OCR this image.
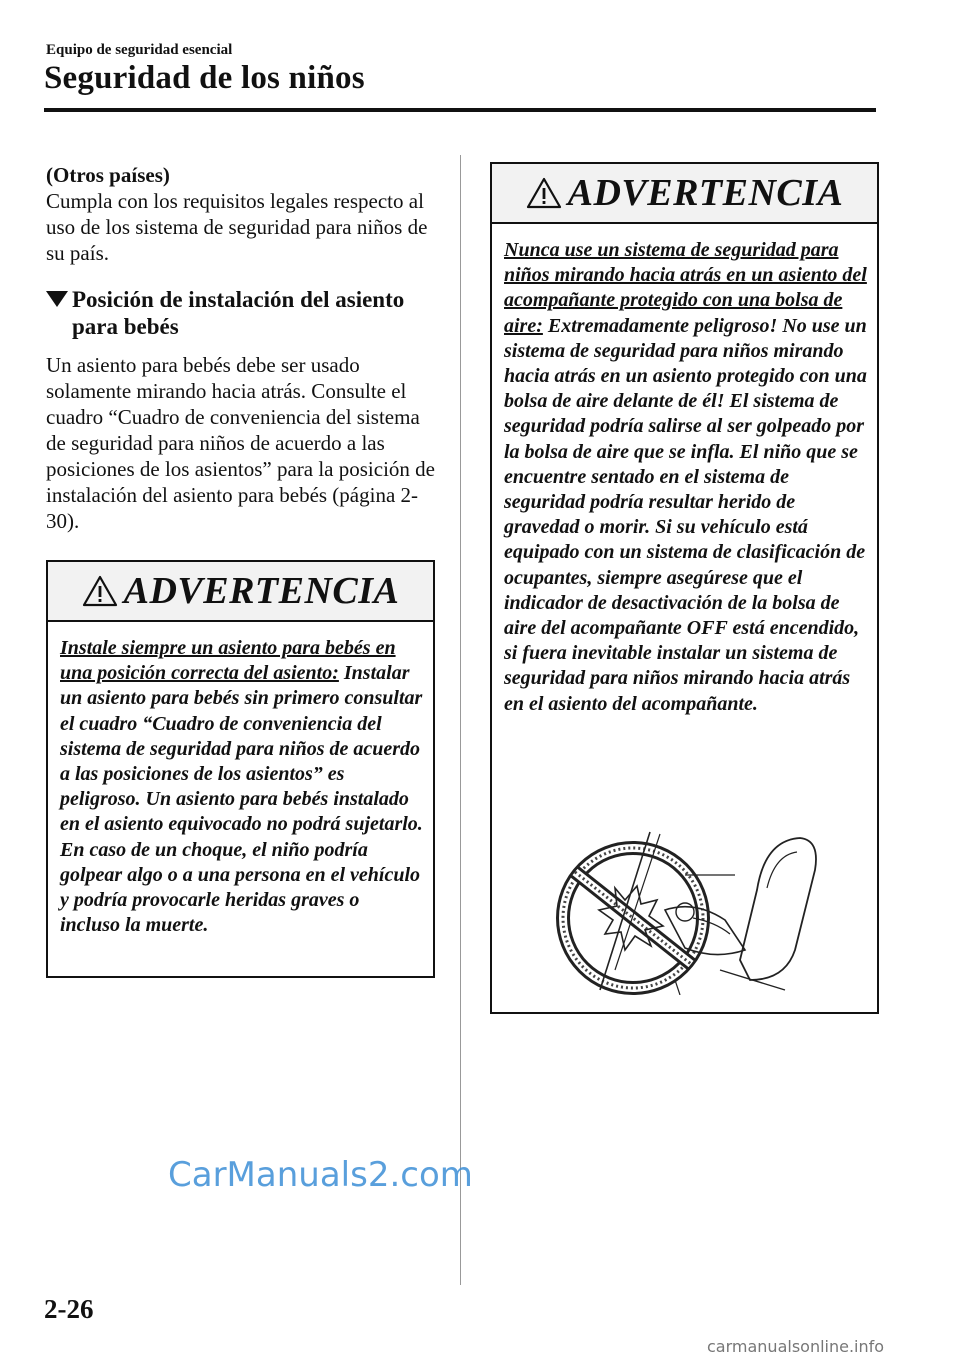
Equipo de seguridad esencial
Seguridad de los niños

(Otros países)

Cumpla con los requisitos legales respecto al uso de los sistema de seguridad para niños de su país.

Posición de instalación del asiento
para bebés

Un asiento para bebés debe ser usado solamente mirando hacia atrás. Consulte el cuadro “Cuadro de conveniencia del sistema de seguridad para niños de acuerdo a las posiciones de los asientos” para la posición de instalación del asiento para bebés (página 2-30).

ADVERTENCIA
Instale siempre un asiento para bebés en una posición correcta del asiento: Instalar un asiento para bebés sin primero consultar el cuadro “Cuadro de conveniencia del sistema de seguridad para niños de acuerdo a las posiciones de los asientos” es peligroso. Un asiento para bebés instalado en el asiento equivocado no podrá sujetarlo. En caso de un choque, el niño podría golpear algo o a una persona en el vehículo y podría provocarle heridas graves o incluso la muerte.
ADVERTENCIA
Nunca use un sistema de seguridad para niños mirando hacia atrás en un asiento del acompañante protegido con una bolsa de aire: Extremadamente peligroso! No use un sistema de seguridad para niños mirando hacia atrás en un asiento protegido con una bolsa de aire delante de él! El sistema de seguridad podría salirse al ser golpeado por la bolsa de aire que se infla. El niño que se encuentre sentado en el sistema de seguridad podría resultar herido de gravedad o morir. Si su vehículo está equipado con un sistema de clasificación de ocupantes, siempre asegúrese que el indicador de desactivación de la bolsa de aire del acompañante OFF está encendido, si fuera inevitable instalar un sistema de seguridad para niños mirando hacia atrás en el asiento del acompañante.
CarManuals2.com
2-26
carmanualsonline.info
